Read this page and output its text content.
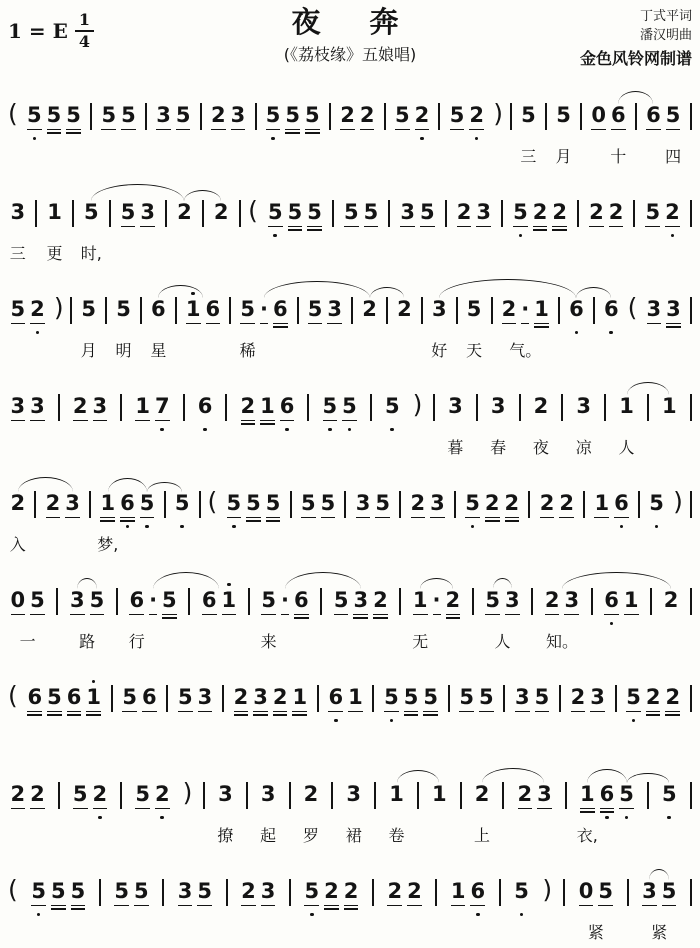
1 = E $\frac{1}{4}$	夜　奔
(《荔枝缘》五娘唱)
丁式平词
潘汉明曲
金色风铃网制谱
( 5 5 5 5 5 3 5 2 3 5 5 5 2 2 5 2 5 2 ) 5 5 0 6 6 5
三 月 十 四
3 1 5 5 3 2 2 ( 5 5 5 5 5 3 5 2 3 5 2 2 2 2 5 2
三 更 时,
5 2 ) 5 5 6 1 6 5 · 6 5 3 2 2 3 5 2 · 1 6 6 ( 3 3
月 明 星	稀	好 天 气。
3 3 2 3 1 7 6 2 1 6 5 5 5 ) 3 3 2 3 1 1
暮 春 夜 凉 人
2 2 3 1 6 5 5 ( 5 5 5 5 5 3 5 2 3 5 2 2 2 2 1 6 5 )
入	梦,
0 5 3 5 6 · 5 6 1 5 · 6 5 3 2 1 · 2 5 3 2 3 6 1 2
一	路 行	来	无	人 知。
( 6 5 6 1 5 6 5 3 2 3 2 1 6 1 5 5 5 5 5 3 5 2 3 5 2 2
2 2 5 2 5 2 ) 3 3 2 3 1 1 2 2 3 1 6 5 5
撩 起 罗 裙 卷	上	衣,
( 5 5 5 5 5 3 5 2 3 5 2 2 2 2 1 6 5 ) 0 5 3 5
紧	紧
